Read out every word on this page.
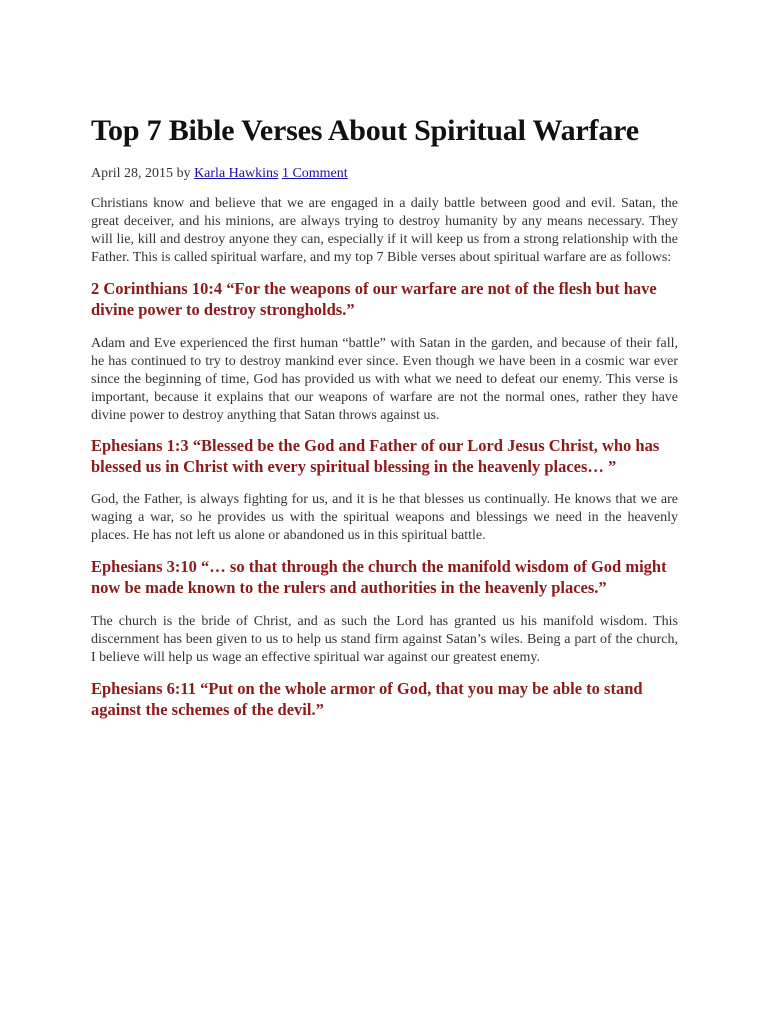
Top 7 Bible Verses About Spiritual Warfare
April 28, 2015 by Karla Hawkins 1 Comment

Christians know and believe that we are engaged in a daily battle between good and evil. Satan, the great deceiver, and his minions, are always trying to destroy humanity by any means necessary. They will lie, kill and destroy anyone they can, especially if it will keep us from a strong relationship with the Father. This is called spiritual warfare, and my top 7 Bible verses about spiritual warfare are as follows:

2 Corinthians 10:4 “For the weapons of our warfare are not of the flesh but have divine power to destroy strongholds.”

Adam and Eve experienced the first human “battle” with Satan in the garden, and because of their fall, he has continued to try to destroy mankind ever since. Even though we have been in a cosmic war ever since the beginning of time, God has provided us with what we need to defeat our enemy. This verse is important, because it explains that our weapons of warfare are not the normal ones, rather they have divine power to destroy anything that Satan throws against us.

Ephesians 1:3 “Blessed be the God and Father of our Lord Jesus Christ, who has blessed us in Christ with every spiritual blessing in the heavenly places… ”

God, the Father, is always fighting for us, and it is he that blesses us continually. He knows that we are waging a war, so he provides us with the spiritual weapons and blessings we need in the heavenly places. He has not left us alone or abandoned us in this spiritual battle.

Ephesians 3:10 “… so that through the church the manifold wisdom of God might now be made known to the rulers and authorities in the heavenly places.”

The church is the bride of Christ, and as such the Lord has granted us his manifold wisdom. This discernment has been given to us to help us stand firm against Satan’s wiles. Being a part of the church, I believe will help us wage an effective spiritual war against our greatest enemy.

Ephesians 6:11 “Put on the whole armor of God, that you may be able to stand against the schemes of the devil.”
